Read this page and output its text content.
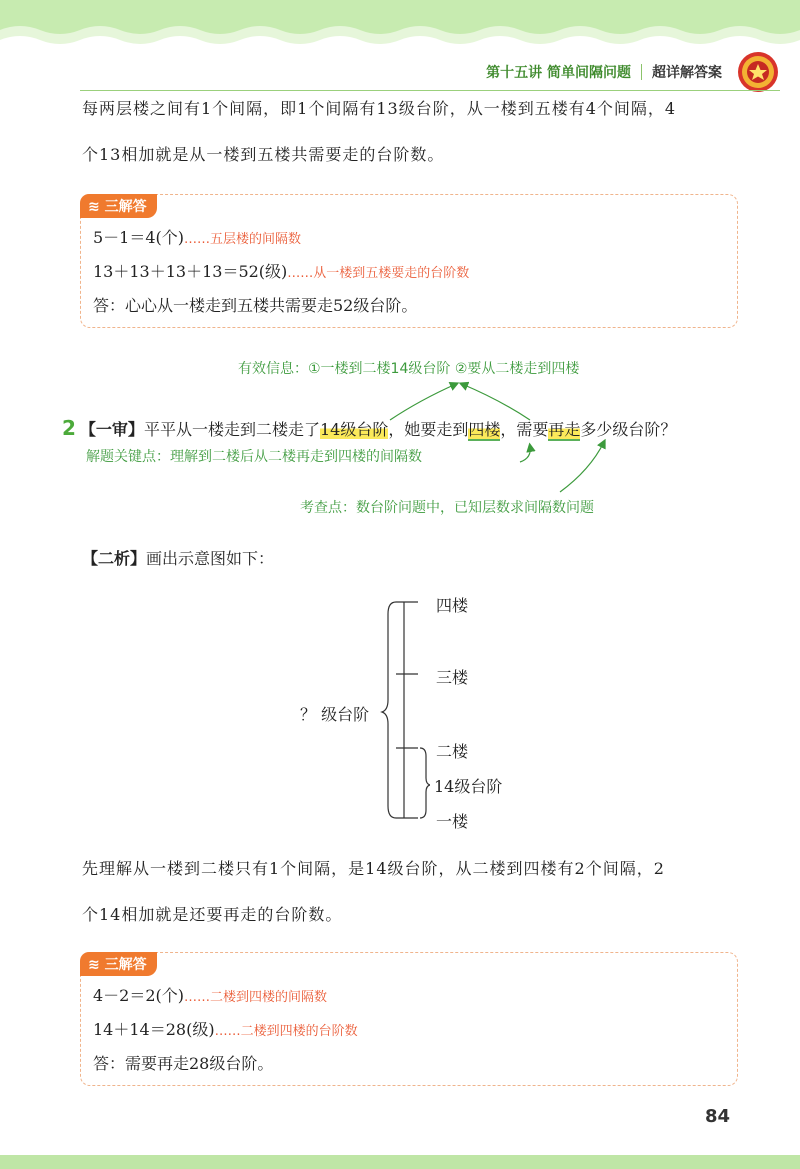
第十五讲 简单间隔问题 超详解答案
每两层楼之间有1个间隔，即1个间隔有13级台阶，从一楼到五楼有4个间隔，4
个13相加就是从一楼到五楼共需要走的台阶数。
≋ 三解答
5－1＝4(个)……五层楼的间隔数
13＋13＋13＋13＝52(级)……从一楼到五楼要走的台阶数
答：心心从一楼走到五楼共需要走52级台阶。
有效信息：①一楼到二楼14级台阶 ②要从二楼走到四楼
2 【一审】平平从一楼走到二楼走了14级台阶，她要走到四楼，需要再走多少级台阶？
解题关键点：理解到二楼后从二楼再走到四楼的间隔数
考查点：数台阶问题中，已知层数求间隔数问题
【二析】画出示意图如下：
四楼
三楼
二楼
一楼
？ 级台阶
14级台阶
先理解从一楼到二楼只有1个间隔，是14级台阶，从二楼到四楼有2个间隔，2
个14相加就是还要再走的台阶数。
≋ 三解答
4－2＝2(个)……二楼到四楼的间隔数
14＋14＝28(级)……二楼到四楼的台阶数
答：需要再走28级台阶。
84
